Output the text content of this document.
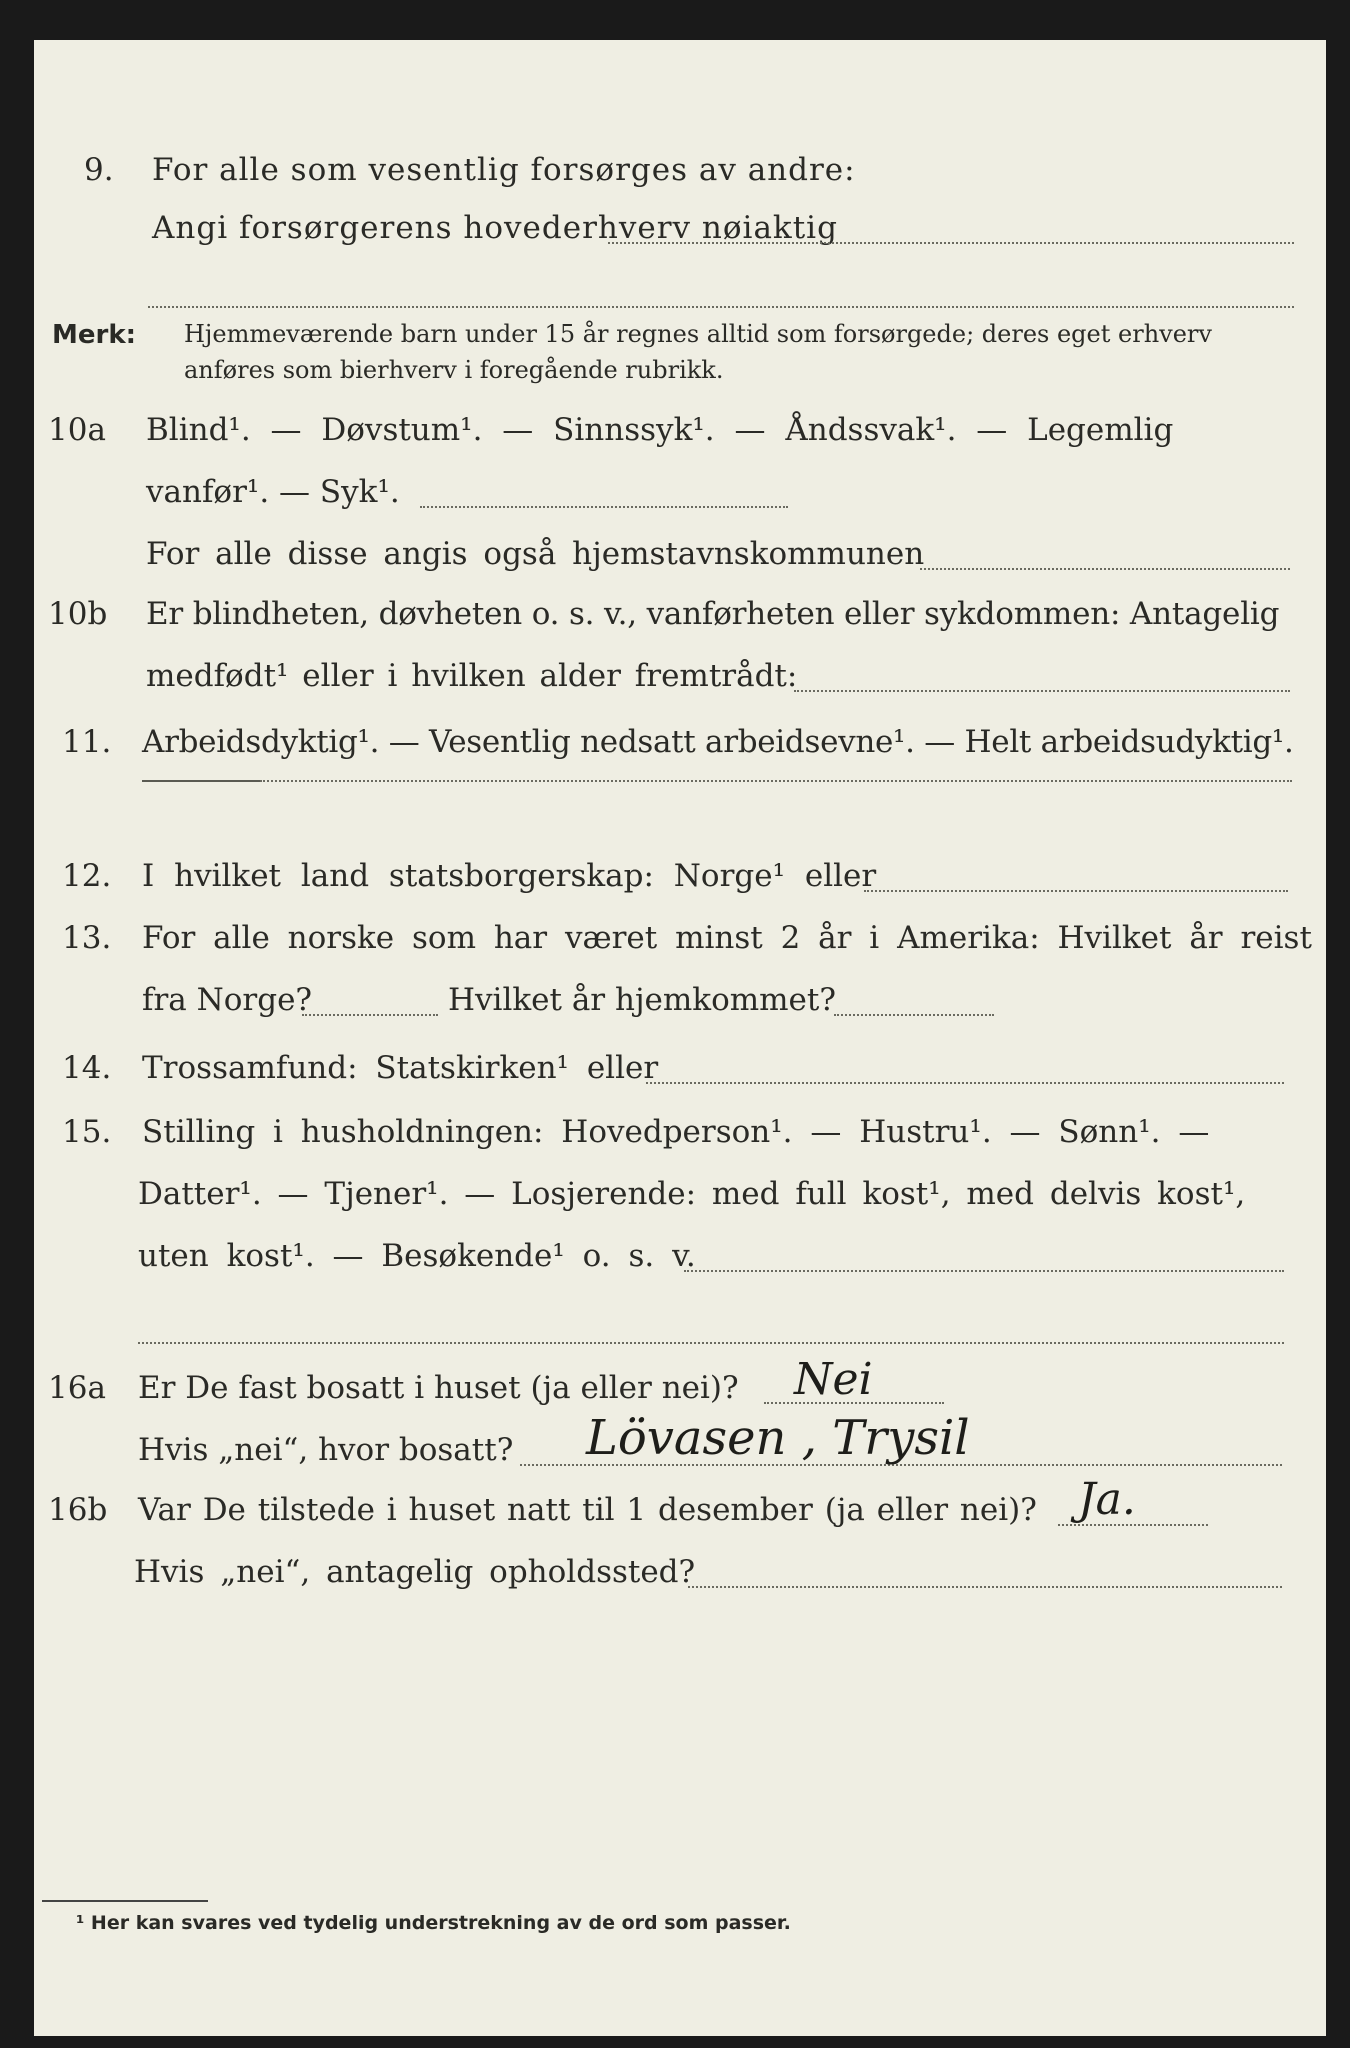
9. For alle som vesentlig forsørges av andre:
Angi forsørgerens hovederhverv nøiaktig
Merk: Hjemmeværende barn under 15 år regnes alltid som forsørgede; deres eget erhverv
anføres som bierhverv i foregående rubrikk.
10a Blind¹. — Døvstum¹. — Sinnssyk¹. — Åndssvak¹. — Legemlig
vanfør¹. — Syk¹.
For alle disse angis også hjemstavnskommunen
10b Er blindheten, døvheten o. s. v., vanførheten eller sykdommen: Antagelig
medfødt¹ eller i hvilken alder fremtrådt:
11. Arbeidsdyktig¹. — Vesentlig nedsatt arbeidsevne¹. — Helt arbeidsudyktig¹.
12. I hvilket land statsborgerskap: Norge¹ eller
13. For alle norske som har været minst 2 år i Amerika: Hvilket år reist
fra Norge?	Hvilket år hjemkommet?
14. Trossamfund: Statskirken¹ eller
15. Stilling i husholdningen: Hovedperson¹. — Hustru¹. — Sønn¹. —
Datter¹. — Tjener¹. — Losjerende: med full kost¹, med delvis kost¹,
uten kost¹. — Besøkende¹ o. s. v.
16a Er De fast bosatt i huset (ja eller nei)? Nei
Hvis „nei“, hvor bosatt? Lövasen , Trysil
16b Var De tilstede i huset natt til 1 desember (ja eller nei)? Ja.
Hvis „nei“, antagelig opholdssted?
¹ Her kan svares ved tydelig understrekning av de ord som passer.
